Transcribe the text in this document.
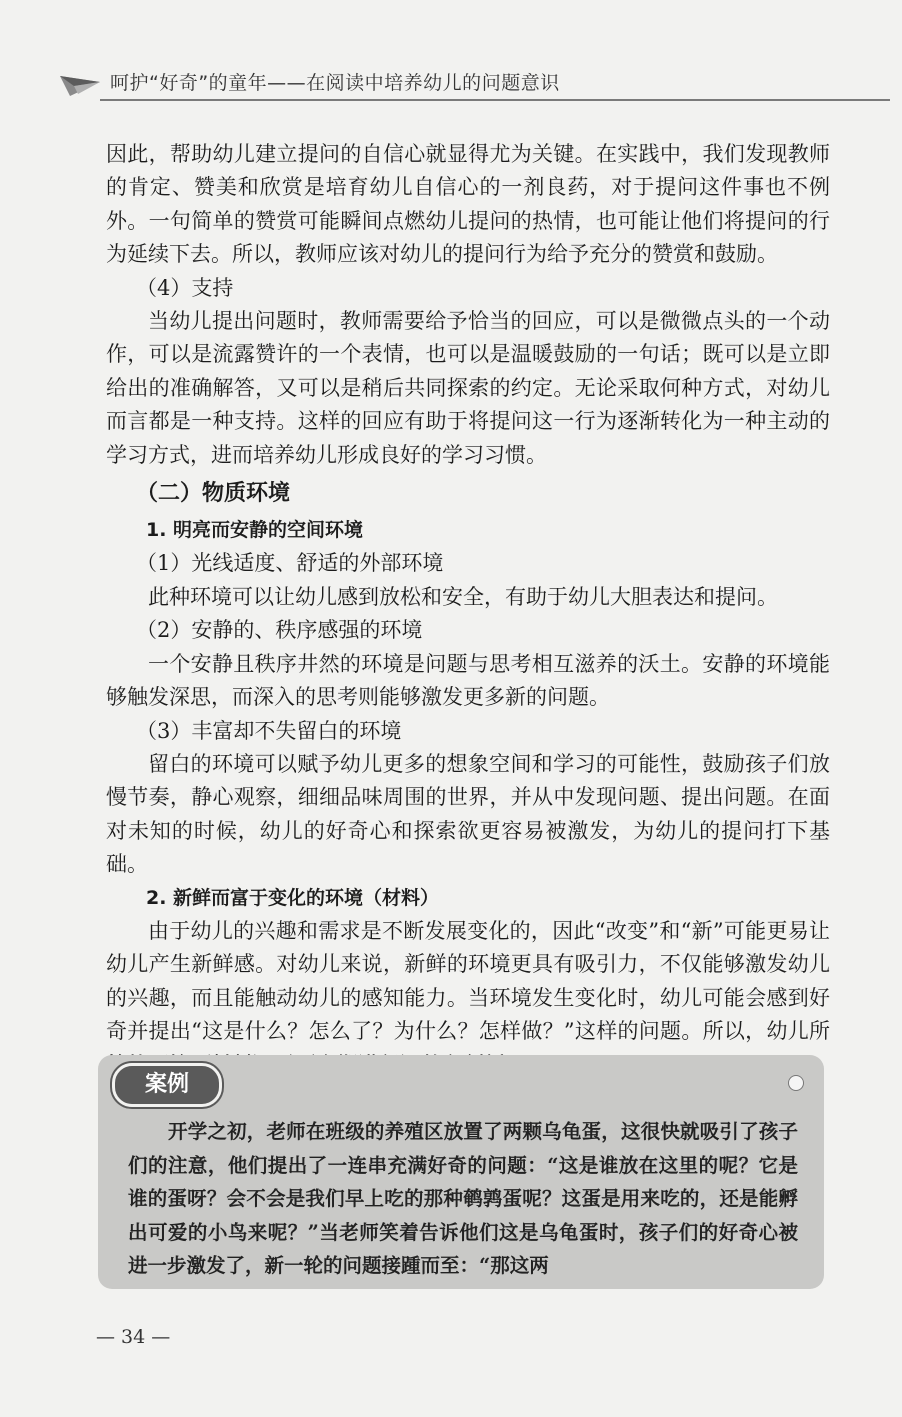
呵护“好奇”的童年——在阅读中培养幼儿的问题意识

因此，帮助幼儿建立提问的自信心就显得尤为关键。在实践中，我们发现教师的肯定、赞美和欣赏是培育幼儿自信心的一剂良药，对于提问这件事也不例外。一句简单的赞赏可能瞬间点燃幼儿提问的热情，也可能让他们将提问的行为延续下去。所以，教师应该对幼儿的提问行为给予充分的赞赏和鼓励。

（4）支持

当幼儿提出问题时，教师需要给予恰当的回应，可以是微微点头的一个动作，可以是流露赞许的一个表情，也可以是温暖鼓励的一句话；既可以是立即给出的准确解答，又可以是稍后共同探索的约定。无论采取何种方式，对幼儿而言都是一种支持。这样的回应有助于将提问这一行为逐渐转化为一种主动的学习方式，进而培养幼儿形成良好的学习习惯。

（二）物质环境

1. 明亮而安静的空间环境

（1）光线适度、舒适的外部环境

此种环境可以让幼儿感到放松和安全，有助于幼儿大胆表达和提问。

（2）安静的、秩序感强的环境

一个安静且秩序井然的环境是问题与思考相互滋养的沃土。安静的环境能够触发深思，而深入的思考则能够激发更多新的问题。

（3）丰富却不失留白的环境

留白的环境可以赋予幼儿更多的想象空间和学习的可能性，鼓励孩子们放慢节奏，静心观察，细细品味周围的世界，并从中发现问题、提出问题。在面对未知的时候，幼儿的好奇心和探索欲更容易被激发，为幼儿的提问打下基础。

2. 新鲜而富于变化的环境（材料）

由于幼儿的兴趣和需求是不断发展变化的，因此“改变”和“新”可能更易让幼儿产生新鲜感。对幼儿来说，新鲜的环境更具有吸引力，不仅能够激发幼儿的兴趣，而且能触动幼儿的感知能力。当环境发生变化时，幼儿可能会感到好奇并提出“这是什么？怎么了？为什么？怎样做？”这样的问题。所以，幼儿所

案例

开学之初，老师在班级的养殖区放置了两颗乌龟蛋，这很快就吸引了孩子们的注意，他们提出了一连串充满好奇的问题：“这是谁放在这里的呢？它是谁的蛋呀？会不会是我们早上吃的那种鹌鹑蛋呢？这蛋是用来吃的，还是能孵出可爱的小鸟来呢？”当老师笑着告诉他们这是乌龟蛋时，孩子们的好奇心被进一步激发了，新一轮的问题接踵而至：“那这两

— 34 —
